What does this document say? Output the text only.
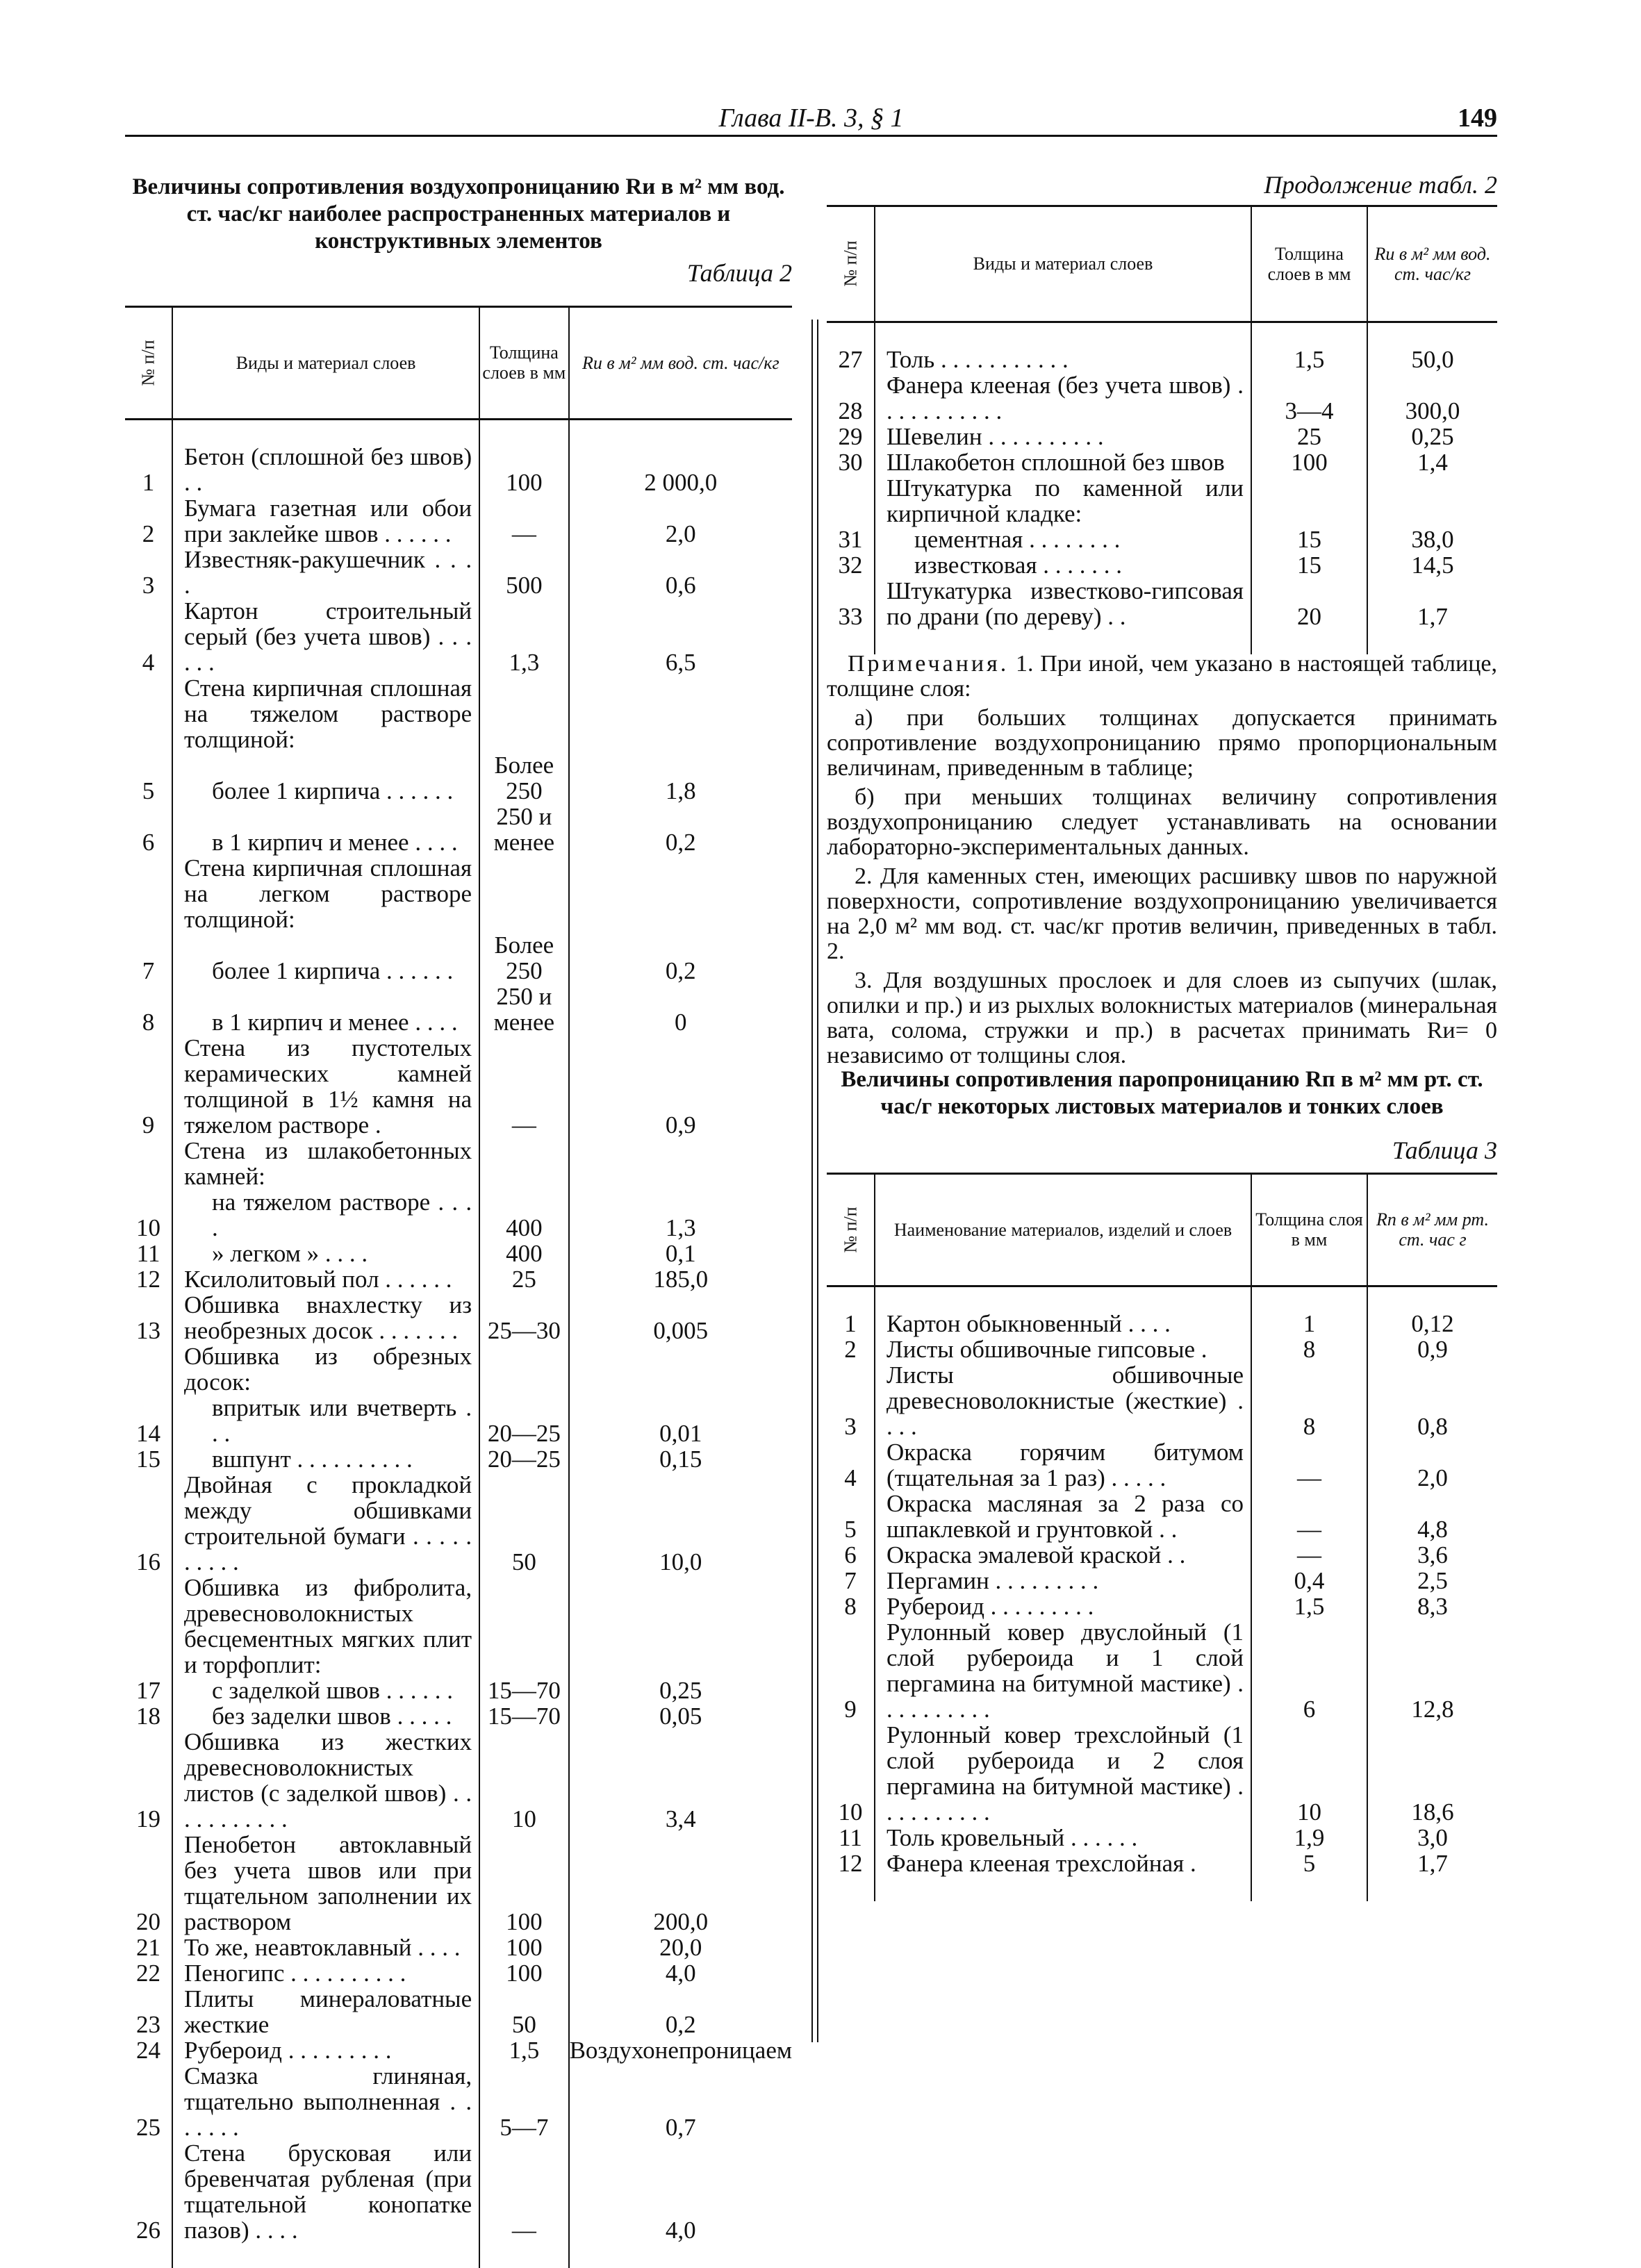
Глава II-B. 3, § 1	149
Величины сопротивления воздухопроницанию Rи в м² мм вод. ст. час/кг наиболее распространенных материалов и конструктивных элементов
Таблица 2
№ п/п	Виды и материал слоев	Толщина слоев в мм	Rи в м² мм вод. ст. час/кг

1	Бетон (сплошной без швов) . .	100	2 000,0
2	Бумага газетная или обои при заклейке швов . . . . . .	—	2,0
3	Известняк-ракушечник . . . .	500	0,6
4	Картон строительный серый (без учета швов) . . . . . .	1,3	6,5
	Стена кирпичная сплошная на тяжелом растворе толщиной:		
5	более 1 кирпича . . . . . .	Более 250	1,8
6	в 1 кирпич и менее . . . .	250 и менее	0,2
	Стена кирпичная сплошная на легком растворе толщиной:		
7	более 1 кирпича . . . . . .	Более 250	0,2
8	в 1 кирпич и менее . . . .	250 и менее	0
9	Стена из пустотелых керамических камней толщиной в 1½ камня на тяжелом растворе .	—	0,9
	Стена из шлакобетонных камней:		
10	на тяжелом растворе . . . .	400	1,3
11	» легком » . . . .	400	0,1
12	Ксилолитовый пол . . . . . .	25	185,0
13	Обшивка внахлестку из необрезных досок . . . . . . .	25—30	0,005
	Обшивка из обрезных досок:		
14	впритык или вчетверть . . .	20—25	0,01
15	вшпунт . . . . . . . . . .	20—25	0,15
16	Двойная с прокладкой между обшивками строительной бумаги . . . . . . . . . .	50	10,0
	Обшивка из фибролита, древесноволокнистых бесцементных мягких плит и торфоплит:		
17	с заделкой швов . . . . . .	15—70	0,25
18	без заделки швов . . . . .	15—70	0,05
19	Обшивка из жестких древесноволокнистых листов (с заделкой швов) . . . . . . . . . . .	10	3,4
20	Пенобетон автоклавный без учета швов или при тщательном заполнении их раствором	100	200,0
21	То же, неавтоклавный . . . .	100	20,0
22	Пеногипс . . . . . . . . . .	100	4,0
23	Плиты минераловатные жесткие	50	0,2
24	Рубероид . . . . . . . . .	1,5	Воздухонепроницаем
25	Смазка глиняная, тщательно выполненная . . . . . . .	5—7	0,7
26	Стена брусковая или бревенчатая рубленая (при тщательной конопатке пазов) . . . .	—	4,0

Продолжение табл. 2
№ п/п	Виды и материал слоев	Толщина слоев в мм	Rи в м² мм вод. ст. час/кг

27	Толь . . . . . . . . . . .	1,5	50,0
28	Фанера клееная (без учета швов) . . . . . . . . . . .	3—4	300,0
29	Шевелин . . . . . . . . . .	25	0,25
30	Шлакобетон сплошной без швов	100	1,4
	Штукатурка по каменной или кирпичной кладке:		
31	цементная . . . . . . . .	15	38,0
32	известковая . . . . . . .	15	14,5
33	Штукатурка известково-гипсовая по драни (по дереву) . .	20	1,7

Примечания. 1. При иной, чем указано в настоящей таблице, толщине слоя:

а) при больших толщинах допускается принимать сопротивление воздухопроницанию прямо пропорциональным величинам, приведенным в таблице;

б) при меньших толщинах величину сопротивления воздухопроницанию следует устанавливать на основании лабораторно-экспериментальных данных.

2. Для каменных стен, имеющих расшивку швов по наружной поверхности, сопротивление воздухопроницанию увеличивается на 2,0 м² мм вод. ст. час/кг против величин, приведенных в табл. 2.

3. Для воздушных прослоек и для слоев из сыпучих (шлак, опилки и пр.) и из рыхлых волокнистых материалов (минеральная вата, солома, стружки и пр.) в расчетах принимать Rи= 0 независимо от толщины слоя.

Величины сопротивления паропроницанию Rп в м² мм рт. ст. час/г некоторых листовых материалов и тонких слоев
Таблица 3
№ п/п	Наименование материалов, изделий и слоев	Толщина слоя в мм	Rп в м² мм рт. ст. час г

1	Картон обыкновенный . . . .	1	0,12
2	Листы обшивочные гипсовые .	8	0,9
3	Листы обшивочные древесноволокнистые (жесткие) . . . .	8	0,8
4	Окраска горячим битумом (тщательная за 1 раз) . . . . .	—	2,0
5	Окраска масляная за 2 раза со шпаклевкой и грунтовкой . .	—	4,8
6	Окраска эмалевой краской . .	—	3,6
7	Пергамин . . . . . . . . .	0,4	2,5
8	Рубероид . . . . . . . . .	1,5	8,3
9	Рулонный ковер двуслойный (1 слой рубероида и 1 слой пергамина на битумной мастике) . . . . . . . . . .	6	12,8
10	Рулонный ковер трехслойный (1 слой рубероида и 2 слоя пергамина на битумной мастике) . . . . . . . . . .	10	18,6
11	Толь кровельный . . . . . .	1,9	3,0
12	Фанера клееная трехслойная .	5	1,7
